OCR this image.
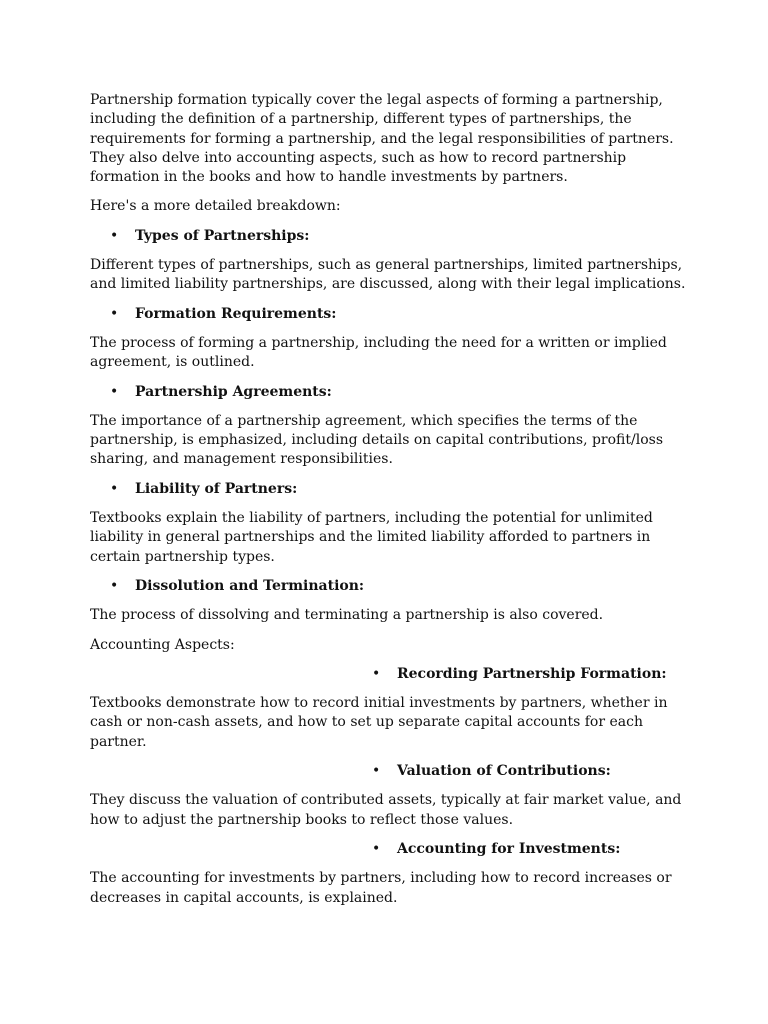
Partnership formation typically cover the legal aspects of forming a partnership, including the definition of a partnership, different types of partnerships, the requirements for forming a partnership, and the legal responsibilities of partners. They also delve into accounting aspects, such as how to record partnership formation in the books and how to handle investments by partners.

Here's a more detailed breakdown:

• Types of Partnerships:

Different types of partnerships, such as general partnerships, limited partnerships, and limited liability partnerships, are discussed, along with their legal implications.

• Formation Requirements:

The process of forming a partnership, including the need for a written or implied agreement, is outlined.

• Partnership Agreements:

The importance of a partnership agreement, which specifies the terms of the partnership, is emphasized, including details on capital contributions, profit/loss sharing, and management responsibilities.

• Liability of Partners:

Textbooks explain the liability of partners, including the potential for unlimited liability in general partnerships and the limited liability afforded to partners in certain partnership types.

• Dissolution and Termination:

The process of dissolving and terminating a partnership is also covered.

Accounting Aspects:

• Recording Partnership Formation:

Textbooks demonstrate how to record initial investments by partners, whether in cash or non-cash assets, and how to set up separate capital accounts for each partner.

• Valuation of Contributions:

They discuss the valuation of contributed assets, typically at fair market value, and how to adjust the partnership books to reflect those values.

• Accounting for Investments:

The accounting for investments by partners, including how to record increases or decreases in capital accounts, is explained.
